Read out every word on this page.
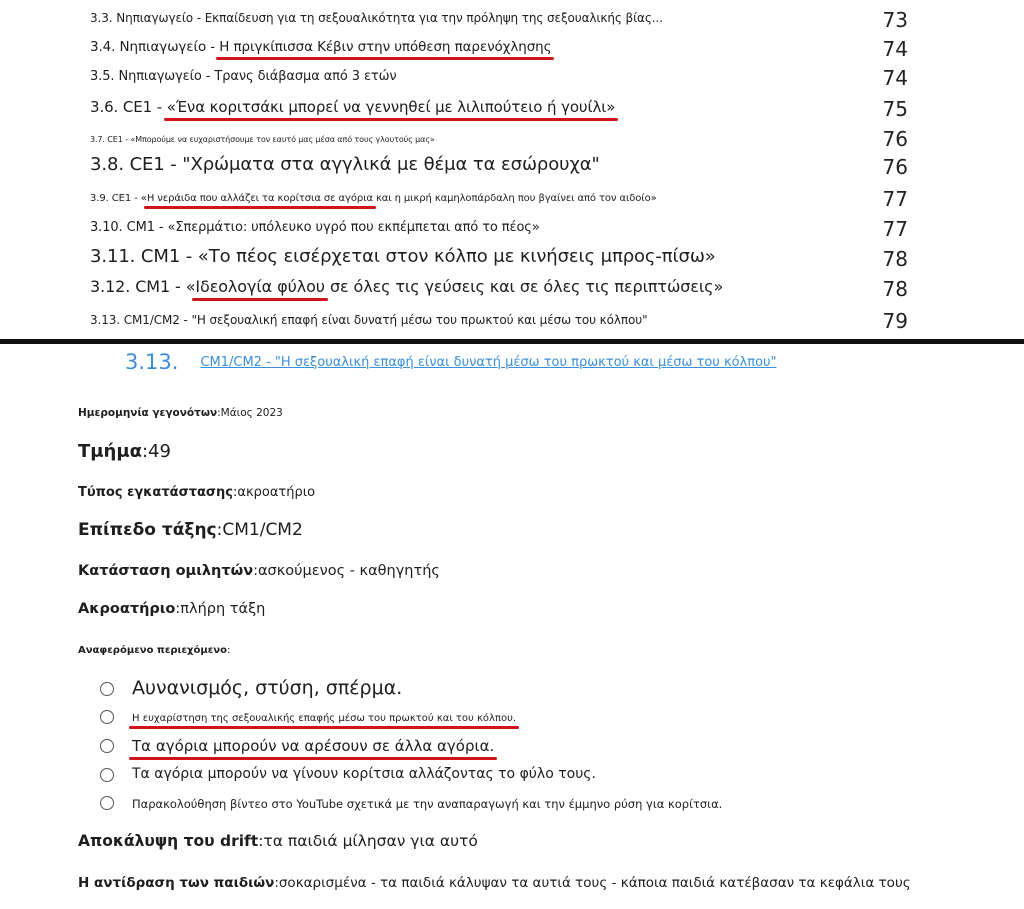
3.3. Νηπιαγωγείο - Εκπαίδευση για τη σεξουαλικότητα για την πρόληψη της σεξουαλικής βίας...	73
3.4. Νηπιαγωγείο - Η πριγκίπισσα Κέβιν στην υπόθεση παρενόχλησης	74
3.5. Νηπιαγωγείο - Τρανς διάβασμα από 3 ετών	74
3.6. CE1 - «Ένα κοριτσάκι μπορεί να γεννηθεί με λιλιπούτειο ή γουίλι»	75
3.7. CE1 - «Μπορούμε να ευχαριστήσουμε τον εαυτό μας μέσα από τους γλουτούς μας»	76
3.8. CE1 - "Χρώματα στα αγγλικά με θέμα τα εσώρουχα"	76
3.9. CE1 - «Η νεράιδα που αλλάζει τα κορίτσια σε αγόρια και η μικρή καμηλοπάρδαλη που βγαίνει από τον αιδοίο»	77
3.10. CM1 - «Σπερμάτιο: υπόλευκο υγρό που εκπέμπεται από το πέος»	77
3.11. CM1 - «Το πέος εισέρχεται στον κόλπο με κινήσεις μπρος-πίσω»	78
3.12. CM1 - «Ιδεολογία φύλου σε όλες τις γεύσεις και σε όλες τις περιπτώσεις»	78
3.13. CM1/CM2 - "Η σεξουαλική επαφή είναι δυνατή μέσω του πρωκτού και μέσω του κόλπου"	79
3.13. CM1/CM2 - "Η σεξουαλική επαφή είναι δυνατή μέσω του πρωκτού και μέσω του κόλπου"
Ημερομηνία γεγονότων:Μάιος 2023
Τμήμα:49
Τύπος εγκατάστασης:ακροατήριο
Επίπεδο τάξης:CM1/CM2
Κατάσταση ομιλητών:ασκούμενος - καθηγητής
Ακροατήριο:πλήρη τάξη
Αναφερόμενο περιεχόμενο:
Αυνανισμός, στύση, σπέρμα.
Η ευχαρίστηση της σεξουαλικής επαφής μέσω του πρωκτού και του κόλπου.
Τα αγόρια μπορούν να αρέσουν σε άλλα αγόρια.
Τα αγόρια μπορούν να γίνουν κορίτσια αλλάζοντας το φύλο τους.
Παρακολούθηση βίντεο στο YouTube σχετικά με την αναπαραγωγή και την έμμηνο ρύση για κορίτσια.
Αποκάλυψη του drift:τα παιδιά μίλησαν για αυτό
Η αντίδραση των παιδιών:σοκαρισμένα - τα παιδιά κάλυψαν τα αυτιά τους - κάποια παιδιά κατέβασαν τα κεφάλια τους
